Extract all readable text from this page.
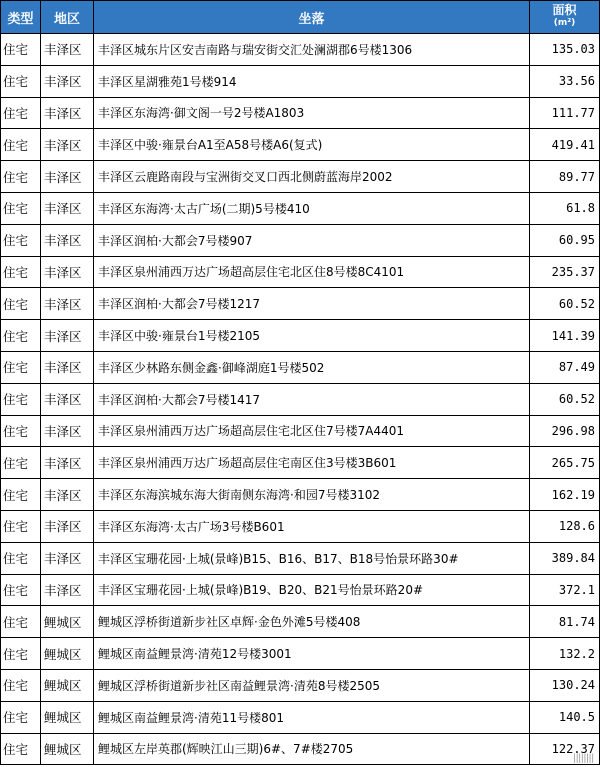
类型	地区	坐落	面积
(m²)

住宅	丰泽区	丰泽区城东片区安吉南路与瑞安街交汇处澜湖郡6号楼1306	135.03
住宅	丰泽区	丰泽区星湖雅苑1号楼914	33.56
住宅	丰泽区	丰泽区东海湾·御文阁一号2号楼A1803	111.77
住宅	丰泽区	丰泽区中骏·雍景台A1至A58号楼A6(复式)	419.41
住宅	丰泽区	丰泽区云鹿路南段与宝洲街交叉口西北侧蔚蓝海岸2002	89.77
住宅	丰泽区	丰泽区东海湾·太古广场(二期)5号楼410	61.8
住宅	丰泽区	丰泽区润柏·大都会7号楼907	60.95
住宅	丰泽区	丰泽区泉州浦西万达广场超高层住宅北区住8号楼8C4101	235.37
住宅	丰泽区	丰泽区润柏·大都会7号楼1217	60.52
住宅	丰泽区	丰泽区中骏·雍景台1号楼2105	141.39
住宅	丰泽区	丰泽区少林路东侧金鑫·御峰湖庭1号楼502	87.49
住宅	丰泽区	丰泽区润柏·大都会7号楼1417	60.52
住宅	丰泽区	丰泽区泉州浦西万达广场超高层住宅北区住7号楼7A4401	296.98
住宅	丰泽区	丰泽区泉州浦西万达广场超高层住宅南区住3号楼3B601	265.75
住宅	丰泽区	丰泽区东海滨城东海大街南侧东海湾·和园7号楼3102	162.19
住宅	丰泽区	丰泽区东海湾·太古广场3号楼B601	128.6
住宅	丰泽区	丰泽区宝珊花园·上城(景峰)B15、B16、B17、B18号怡景环路30#	389.84
住宅	丰泽区	丰泽区宝珊花园·上城(景峰)B19、B20、B21号怡景环路20#	372.1
住宅	鲤城区	鲤城区浮桥街道新步社区卓辉·金色外滩5号楼408	81.74
住宅	鲤城区	鲤城区南益鲤景湾·清苑12号楼3001	132.2
住宅	鲤城区	鲤城区浮桥街道新步社区南益鲤景湾·清苑8号楼2505	130.24
住宅	鲤城区	鲤城区南益鲤景湾·清苑11号楼801	140.5
住宅	鲤城区	鲤城区左岸英郡(辉映江山三期)6#、7#楼2705	122.37
||||||||
